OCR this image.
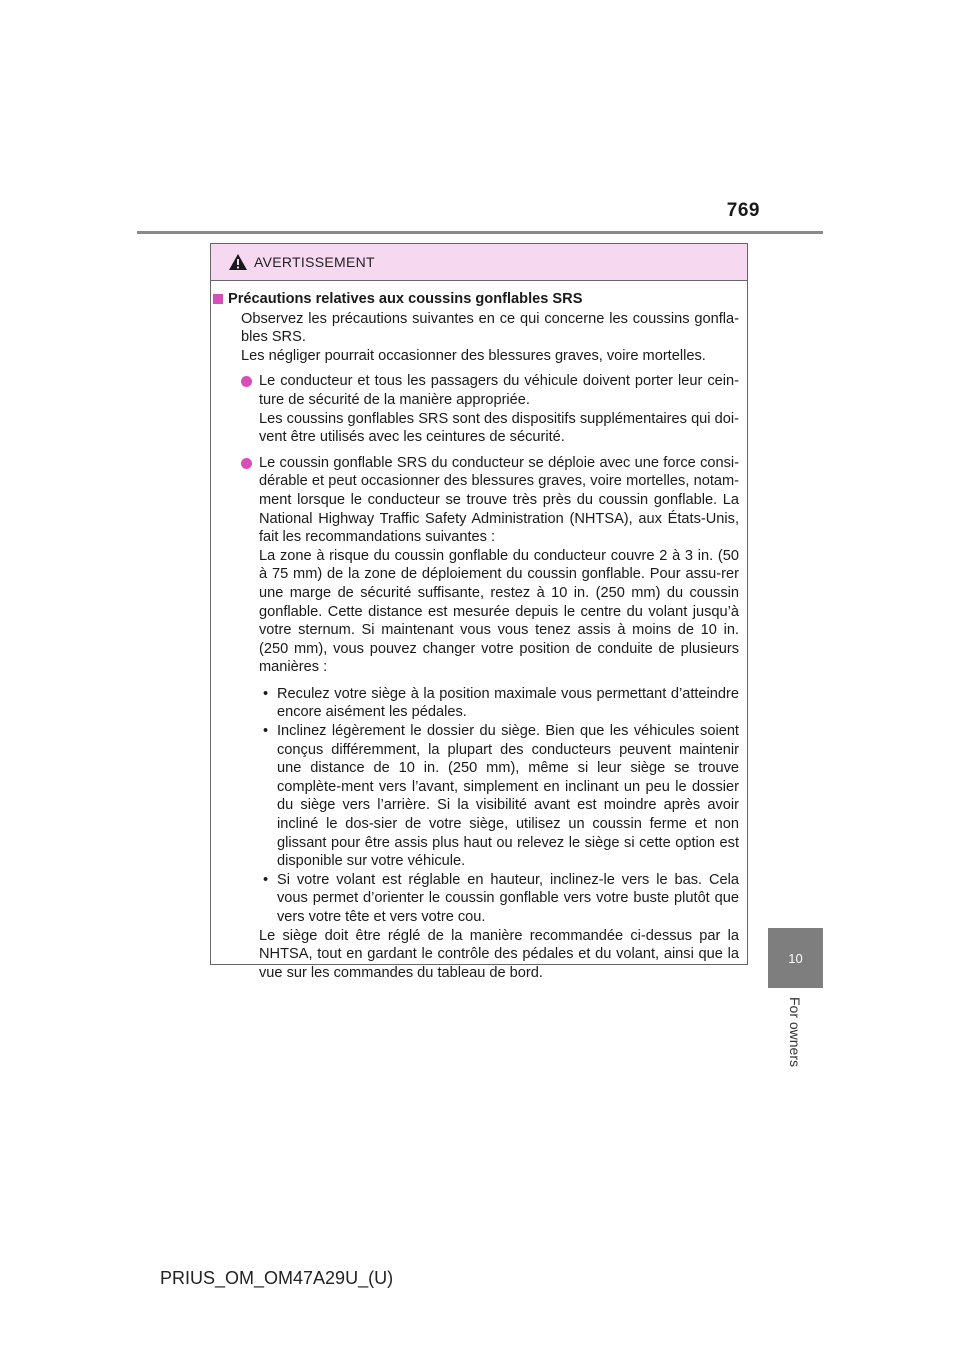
769
10
For owners
AVERTISSEMENT
Précautions relatives aux coussins gonflables SRS

Observez les précautions suivantes en ce qui concerne les coussins gonfla-bles SRS.

Les négliger pourrait occasionner des blessures graves, voire mortelles.

Le conducteur et tous les passagers du véhicule doivent porter leur cein-ture de sécurité de la manière appropriée.

Les coussins gonflables SRS sont des dispositifs supplémentaires qui doi-vent être utilisés avec les ceintures de sécurité.

Le coussin gonflable SRS du conducteur se déploie avec une force consi-dérable et peut occasionner des blessures graves, voire mortelles, notam-ment lorsque le conducteur se trouve très près du coussin gonflable. La National Highway Traffic Safety Administration (NHTSA), aux États-Unis, fait les recommandations suivantes :

La zone à risque du coussin gonflable du conducteur couvre 2 à 3 in. (50 à 75 mm) de la zone de déploiement du coussin gonflable. Pour assu-rer une marge de sécurité suffisante, restez à 10 in. (250 mm) du coussin gonflable. Cette distance est mesurée depuis le centre du volant jusqu’à votre sternum. Si maintenant vous vous tenez assis à moins de 10 in. (250 mm), vous pouvez changer votre position de conduite de plusieurs manières :

• Reculez votre siège à la position maximale vous permettant d’atteindre encore aisément les pédales.
• Inclinez légèrement le dossier du siège. Bien que les véhicules soient conçus différemment, la plupart des conducteurs peuvent maintenir une distance de 10 in. (250 mm), même si leur siège se trouve complète-ment vers l’avant, simplement en inclinant un peu le dossier du siège vers l’arrière. Si la visibilité avant est moindre après avoir incliné le dos-sier de votre siège, utilisez un coussin ferme et non glissant pour être assis plus haut ou relevez le siège si cette option est disponible sur votre véhicule.
• Si votre volant est réglable en hauteur, inclinez-le vers le bas. Cela vous permet d’orienter le coussin gonflable vers votre buste plutôt que vers votre tête et vers votre cou.

Le siège doit être réglé de la manière recommandée ci-dessus par la NHTSA, tout en gardant le contrôle des pédales et du volant, ainsi que la vue sur les commandes du tableau de bord.

PRIUS_OM_OM47A29U_(U)
